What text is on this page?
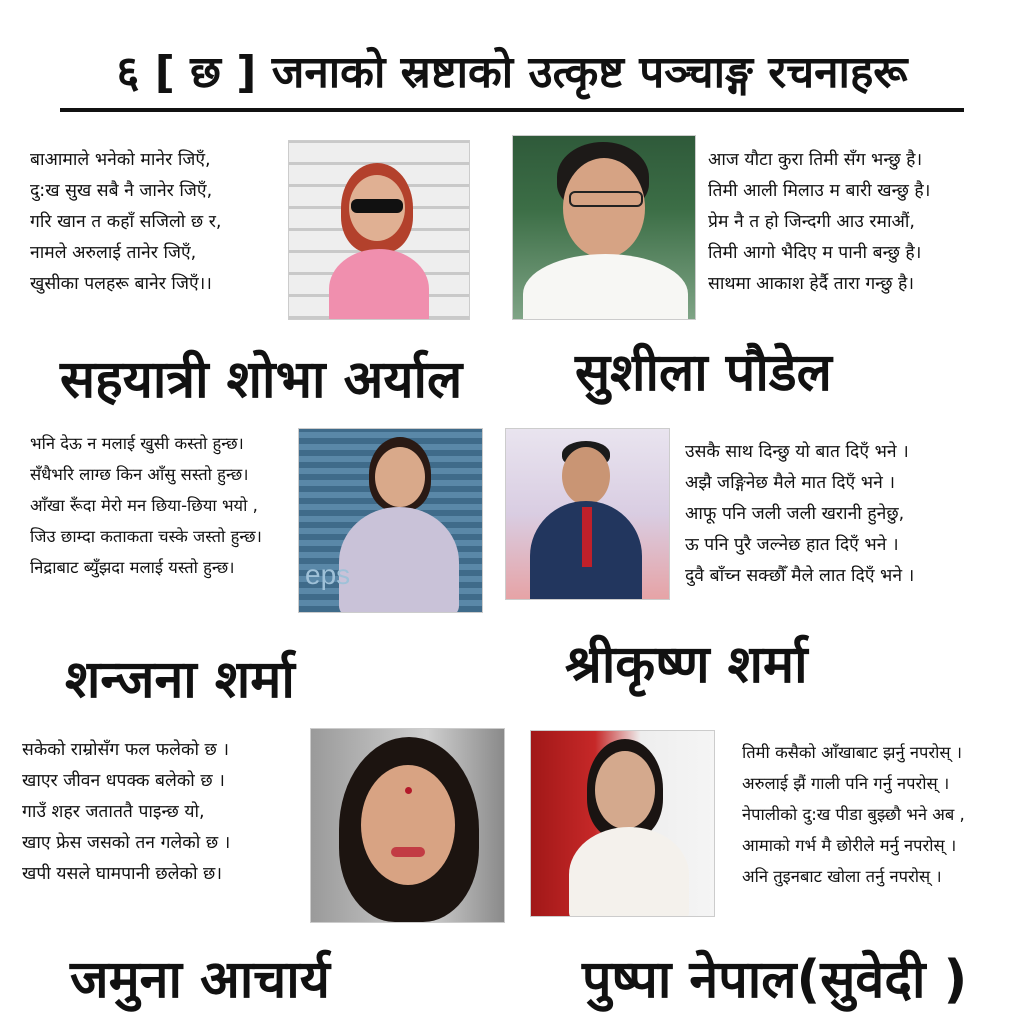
६ [ छ ] जनाको स्रष्टाको उत्कृष्ट पञ्चाङ्ग रचनाहरू
बाआमाले भनेको मानेर जिएँ,
दु:ख सुख सबै नै जानेर जिएँ,
गरि खान त कहाँ सजिलो छ र,
नामले अरुलाई तानेर जिएँ,
खुसीका पलहरू बानेर जिएँ।।
सहयात्री शोभा अर्याल
आज यौटा कुरा तिमी सँग भन्छु है।
तिमी आली मिलाउ म बारी खन्छु है।
प्रेम नै त हो जिन्दगी आउ रमाऔं,
तिमी आगो भैदिए म पानी बन्छु है।
साथमा आकाश हेर्दै तारा गन्छु है।
सुशीला पौडेल
भनि देऊ न मलाई खुसी कस्तो हुन्छ।
सँधैभरि लाग्छ किन आँसु सस्तो हुन्छ।
आँखा रूँदा मेरो मन छिया-छिया भयो ,
जिउ छाम्दा कताकता चस्के जस्तो हुन्छ।
निद्राबाट ब्युँझदा मलाई यस्तो हुन्छ।	eps
शन्जना शर्मा
उसकै साथ दिन्छु यो बात दिएँ भने ।
अझै जङ्गिनेछ मैले मात दिएँ भने ।
आफू पनि जली जली खरानी हुनेछु,
ऊ पनि पुरै जल्नेछ हात दिएँ भने ।
दुवै बाँच्न सक्छौँ मैले लात दिएँ भने ।
श्रीकृष्ण शर्मा
सकेको राम्रोसँग फल फलेको छ ।
खाएर जीवन धपक्क बलेको छ ।
गाउँ शहर जताततै पाइन्छ यो,
खाए फ्रेस जसको तन गलेको छ ।
खपी यसले घामपानी छलेको छ।
जमुना आचार्य
तिमी कसैको आँखाबाट झर्नु नपरोस् ।
अरुलाई झैं गाली पनि गर्नु नपरोस् ।
नेपालीको दु:ख पीडा बुझ्छौ भने अब ,
आमाको गर्भ मै छोरीले मर्नु नपरोस् ।
अनि तुइनबाट खोला तर्नु नपरोस् ।
पुष्पा नेपाल(सुवेदी )
